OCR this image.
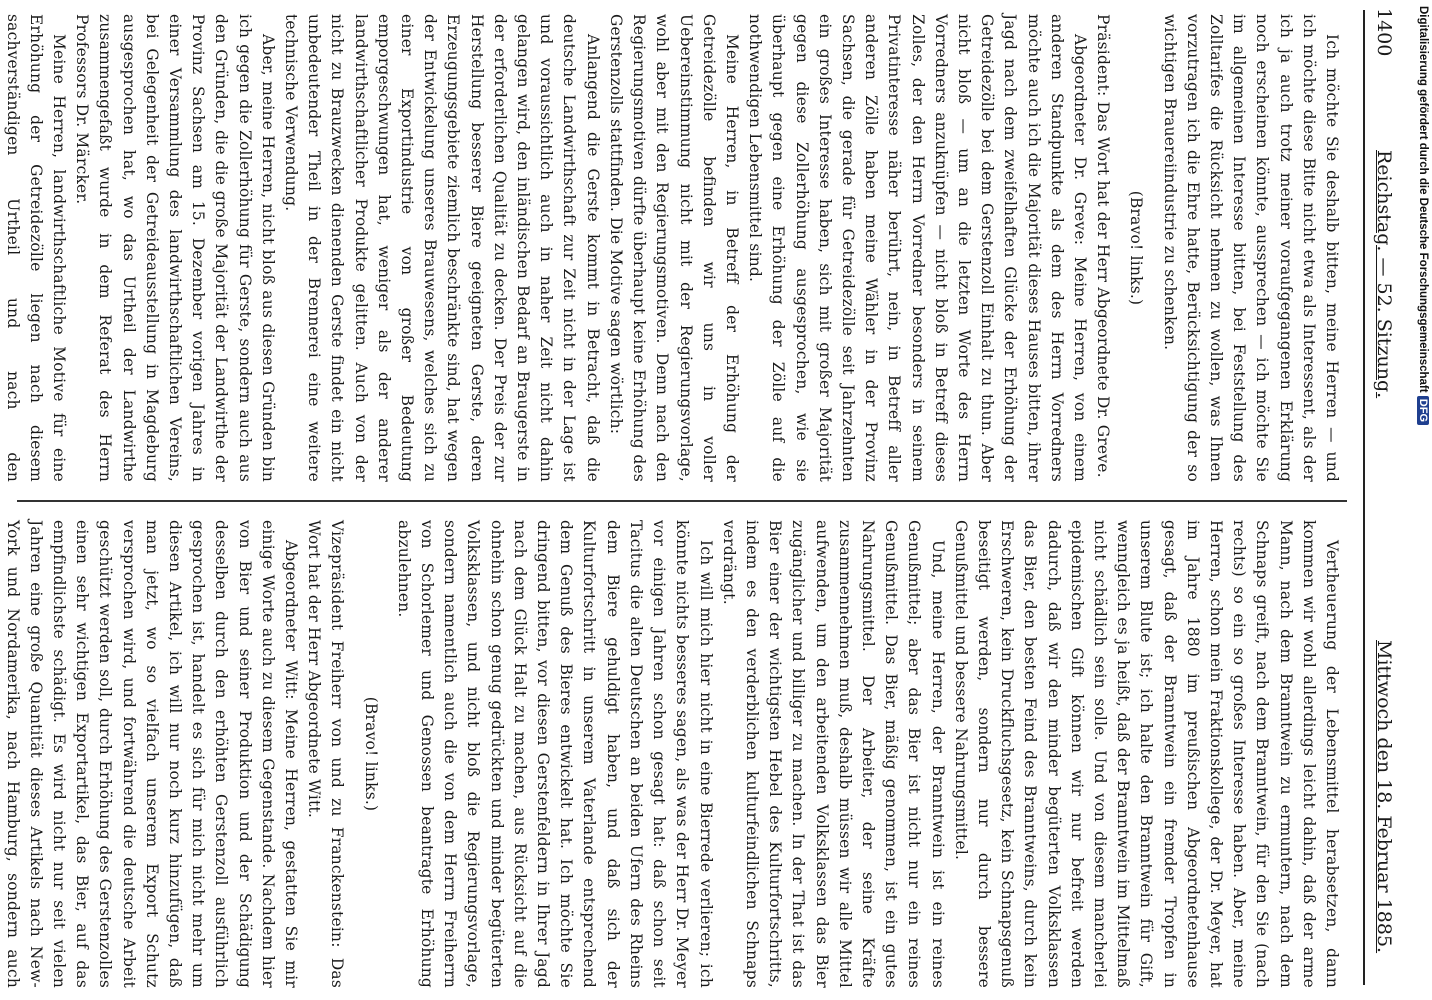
1400
Reichstag. — 52. Sitzung.
Mittwoch den 18. Februar 1885.

Ich möchte Sie deshalb bitten, meine Herren — und ich möchte diese Bitte nicht etwa als Interessent, als der ich ja auch trotz meiner voraufgegangenen Erklärung noch erscheinen könnte, aussprechen — ich möchte Sie im allgemeinen Interesse bitten, bei Feststellung des Zolltarifes die Rücksicht nehmen zu wollen, was Ihnen vorzutragen ich die Ehre hatte, Berücksichtigung der so wichtigen Brauereiindustrie zu schenken.

(Bravo! links.)

Präsident: Das Wort hat der Herr Abgeordnete Dr. Greve.

Abgeordneter Dr. Greve: Meine Herren, von einem anderen Standpunkte als dem des Herrn Vorredners möchte auch ich die Majorität dieses Hauses bitten, ihrer Jagd nach dem zweifelhaften Glücke der Erhöhung der Getreidezölle bei dem Gerstenzoll Einhalt zu thun. Aber nicht bloß — um an die letzten Worte des Herrn Vorredners anzuknüpfen — nicht bloß in Betreff dieses Zolles, der den Herrn Vorredner besonders in seinem Privatinteresse näher berührt, nein, in Betreff aller anderen Zölle haben meine Wähler in der Provinz Sachsen, die gerade für Getreidezölle seit Jahrzehnten ein großes Interesse haben, sich mit großer Majorität gegen diese Zollerhöhung ausgesprochen, wie sie überhaupt gegen eine Erhöhung der Zölle auf die nothwendigen Lebensmittel sind.

Meine Herren, in Betreff der Erhöhung der Getreidezölle befinden wir uns in voller Uebereinstimmung nicht mit der Regierungsvorlage, wohl aber mit den Regierungsmotiven. Denn nach den Regierungsmotiven dürfte überhaupt keine Erhöhung des Gerstenzolls stattfinden. Die Motive sagen wörtlich:

Anlangend die Gerste kommt in Betracht, daß die deutsche Landwirthschaft zur Zeit nicht in der Lage ist und voraussichtlich auch in naher Zeit nicht dahin gelangen wird, den inländischen Bedarf an Braugerste in der erforderlichen Qualität zu decken. Der Preis der zur Herstellung besserer Biere geeigneten Gerste, deren Erzeugungsgebiete ziemlich beschränkte sind, hat wegen der Entwickelung unseres Brauwesens, welches sich zu einer Exportindustrie von großer Bedeutung emporgeschwungen hat, weniger als der anderer landwirthschaftlicher Produkte gelitten. Auch von der nicht zu Brauzwecken dienenden Gerste findet ein nicht unbedeutender Theil in der Brennerei eine weitere technische Verwendung.

Aber, meine Herren, nicht bloß aus diesen Gründen bin ich gegen die Zollerhöhung für Gerste, sondern auch aus den Gründen, die die große Majorität der Landwirthe der Provinz Sachsen am 15. Dezember vorigen Jahres in einer Versammlung des landwirthschaftlichen Vereins, bei Gelegenheit der Getreideausstellung in Magdeburg ausgesprochen hat, wo das Urtheil der Landwirthe zusammengefaßt wurde in dem Referat des Herrn Professors Dr. Märcker.

Meine Herren, landwirthschaftliche Motive für eine Erhöhung der Getreidezölle liegen nach diesem sachverständigen Urtheil und nach den

Vertheuerung der Lebensmittel herabsetzen, dann kommen wir wohl allerdings leicht dahin, daß der arme Mann, nach dem Branntwein zu ermuntern, nach dem Schnaps greift, nach dem Branntwein, für den Sie (nach rechts) so ein so großes Interesse haben. Aber, meine Herren, schon mein Fraktionskollege, der Dr. Meyer, hat im Jahre 1880 im preußischen Abgeordnetenhause gesagt, daß der Branntwein ein fremder Tropfen in unserem Blute ist; ich halte den Branntwein für Gift, wenngleich es ja heißt, daß der Branntwein im Mittelmaß nicht schädlich sein solle. Und von diesem mancherlei epidemischen Gift können wir nur befreit werden dadurch, daß wir den minder begüterten Volksklassen das Bier, den besten Feind des Branntweins, durch kein Erschweren, kein Druckfluchsgesetz, kein Schnapsgenuß beseitigt werden, sondern nur durch bessere Genußmittel und bessere Nahrungsmittel.

Und, meine Herren, der Branntwein ist ein reines Genußmittel; aber das Bier ist nicht nur ein reines Genußmittel. Das Bier, mäßig genommen, ist ein gutes Nahrungsmittel. Der Arbeiter, der seine Kräfte zusammennehmen muß, deshalb müssen wir alle Mittel aufwenden, um den arbeitenden Volksklassen das Bier zugänglicher und billiger zu machen. In der That ist das Bier einer der wichtigsten Hebel des Kulturfortschritts, indem es den verderblichen kulturfeindlichen Schnaps verdrängt.

Ich will mich hier nicht in eine Bierrede verlieren; ich könnte nichts besseres sagen, als was der Herr Dr. Meyer vor einigen Jahren schon gesagt hat: daß schon seit Tacitus die alten Deutschen an beiden Ufern des Rheins dem Biere gehuldigt haben, und daß sich der Kulturfortschritt in unserem Vaterlande entsprechend dem Genuß des Bieres entwickelt hat. Ich möchte Sie dringend bitten, vor diesen Gerstenfeldern in Ihrer Jagd nach dem Glück Halt zu machen, aus Rücksicht auf die ohnehin schon genug gedrückten und minder begüterten Volksklassen, und nicht bloß die Regierungsvorlage, sondern namentlich auch die von dem Herrn Freiherrn von Schorlemer und Genossen beantragte Erhöhung abzulehnen.

(Bravo! links.)

Vizepräsident Freiherr von und zu Franckenstein: Das Wort hat der Herr Abgeordnete Witt.

Abgeordneter Witt: Meine Herren, gestatten Sie mir einige Worte auch zu diesem Gegenstande. Nachdem hier von Bier und seiner Produktion und der Schädigung desselben durch den erhöhten Gerstenzoll ausführlich gesprochen ist, handelt es sich für mich nicht mehr um diesen Artikel, ich will nur noch kurz hinzufügen, daß man jetzt, wo so vielfach unserem Export Schutz versprochen wird, und fortwährend die deutsche Arbeit geschützt werden soll, durch Erhöhung des Gerstenzolles einen sehr wichtigen Exportartikel, das Bier, auf das empfindlichste schädigt. Es wird nicht nur seit vielen Jahren eine große Quantität dieses Artikels nach New-York und Nordamerika, nach Hamburg, sondern auch

Digitalisierung gefördert durch die Deutsche Forschungsgemeinschaft DFG
